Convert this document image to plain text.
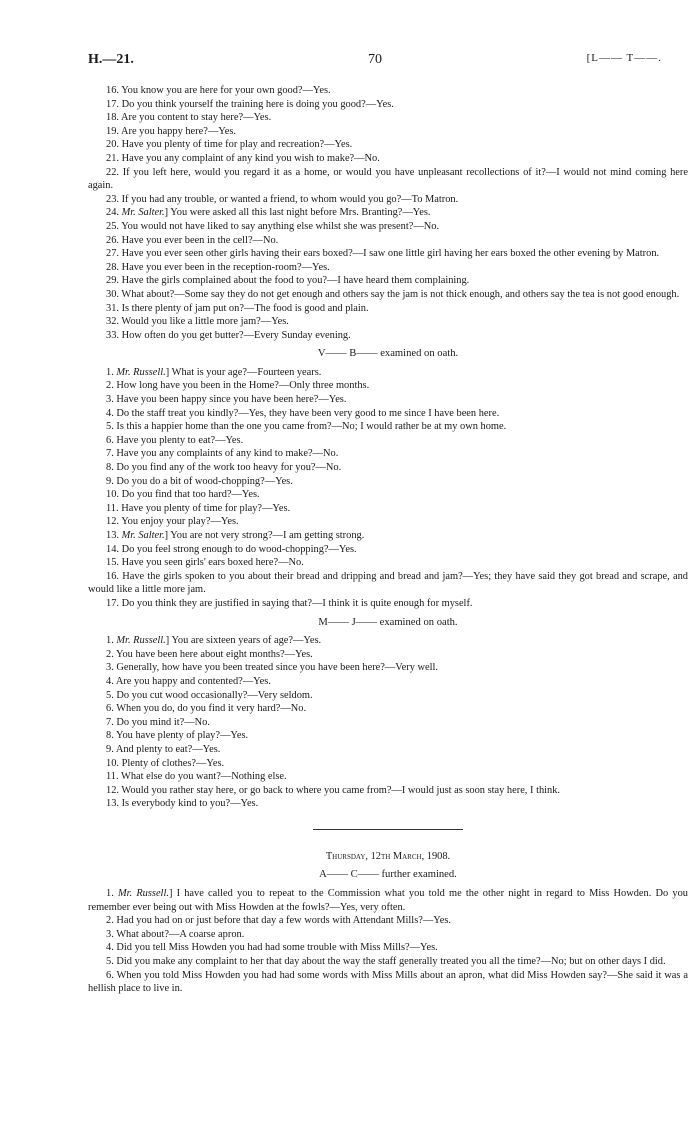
H.—21.	70	[L—— T——.

16. You know you are here for your own good?—Yes.

17. Do you think yourself the training here is doing you good?—Yes.

18. Are you content to stay here?—Yes.

19. Are you happy here?—Yes.

20. Have you plenty of time for play and recreation?—Yes.

21. Have you any complaint of any kind you wish to make?—No.

22. If you left here, would you regard it as a home, or would you have unpleasant recollections of it?—I would not mind coming here again.

23. If you had any trouble, or wanted a friend, to whom would you go?—To Matron.

24. Mr. Salter.] You were asked all this last night before Mrs. Branting?—Yes.

25. You would not have liked to say anything else whilst she was present?—No.

26. Have you ever been in the cell?—No.

27. Have you ever seen other girls having their ears boxed?—I saw one little girl having her ears boxed the other evening by Matron.

28. Have you ever been in the reception-room?—Yes.

29. Have the girls complained about the food to you?—I have heard them complaining.

30. What about?—Some say they do not get enough and others say the jam is not thick enough, and others say the tea is not good enough.

31. Is there plenty of jam put on?—The food is good and plain.

32. Would you like a little more jam?—Yes.

33. How often do you get butter?—Every Sunday evening.

V—— B—— examined on oath.

1. Mr. Russell.] What is your age?—Fourteen years.

2. How long have you been in the Home?—Only three months.

3. Have you been happy since you have been here?—Yes.

4. Do the staff treat you kindly?—Yes, they have been very good to me since I have been here.

5. Is this a happier home than the one you came from?—No; I would rather be at my own home.

6. Have you plenty to eat?—Yes.

7. Have you any complaints of any kind to make?—No.

8. Do you find any of the work too heavy for you?—No.

9. Do you do a bit of wood-chopping?—Yes.

10. Do you find that too hard?—Yes.

11. Have you plenty of time for play?—Yes.

12. You enjoy your play?—Yes.

13. Mr. Salter.] You are not very strong?—I am getting strong.

14. Do you feel strong enough to do wood-chopping?—Yes.

15. Have you seen girls' ears boxed here?—No.

16. Have the girls spoken to you about their bread and dripping and bread and jam?—Yes; they have said they got bread and scrape, and would like a little more jam.

17. Do you think they are justified in saying that?—I think it is quite enough for myself.

M—— J—— examined on oath.

1. Mr. Russell.] You are sixteen years of age?—Yes.

2. You have been here about eight months?—Yes.

3. Generally, how have you been treated since you have been here?—Very well.

4. Are you happy and contented?—Yes.

5. Do you cut wood occasionally?—Very seldom.

6. When you do, do you find it very hard?—No.

7. Do you mind it?—No.

8. You have plenty of play?—Yes.

9. And plenty to eat?—Yes.

10. Plenty of clothes?—Yes.

11. What else do you want?—Nothing else.

12. Would you rather stay here, or go back to where you came from?—I would just as soon stay here, I think.

13. Is everybody kind to you?—Yes.

Thursday, 12th March, 1908.

A—— C—— further examined.

1. Mr. Russell.] I have called you to repeat to the Commission what you told me the other night in regard to Miss Howden. Do you remember ever being out with Miss Howden at the fowls?—Yes, very often.

2. Had you had on or just before that day a few words with Attendant Mills?—Yes.

3. What about?—A coarse apron.

4. Did you tell Miss Howden you had had some trouble with Miss Mills?—Yes.

5. Did you make any complaint to her that day about the way the staff generally treated you all the time?—No; but on other days I did.

6. When you told Miss Howden you had had some words with Miss Mills about an apron, what did Miss Howden say?—She said it was a hellish place to live in.
